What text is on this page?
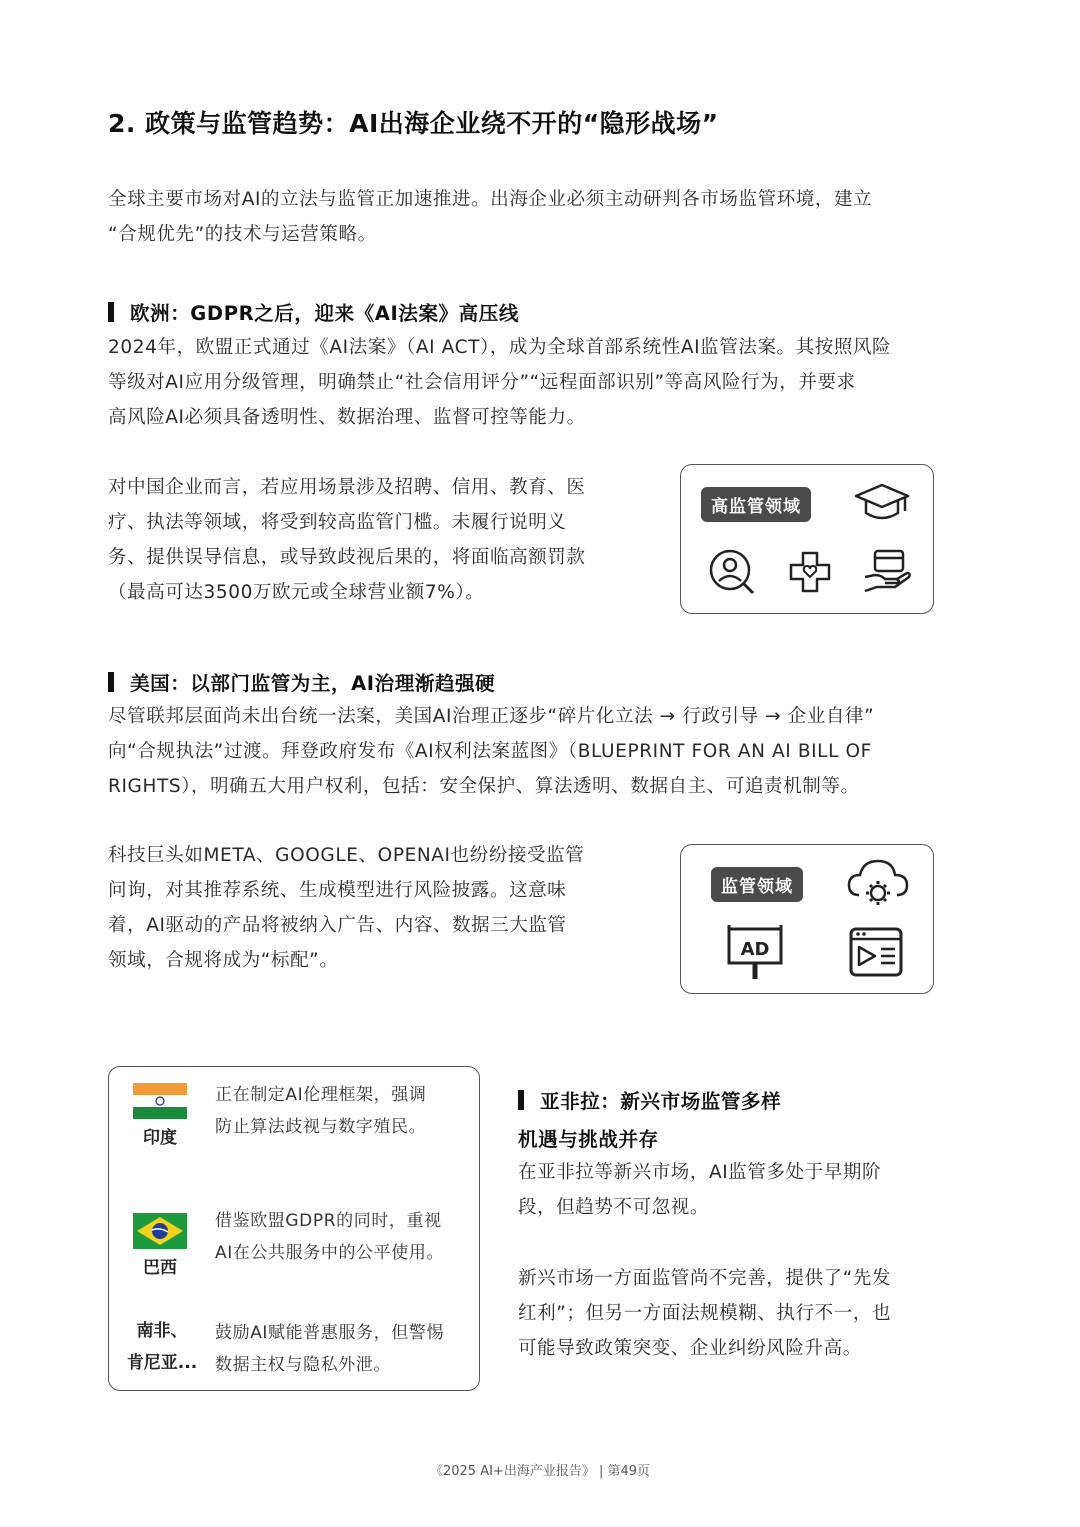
2. 政策与监管趋势：AI出海企业绕不开的“隐形战场”

全球主要市场对AI的立法与监管正加速推进。出海企业必须主动研判各市场监管环境，建立

“合规优先”的技术与运营策略。

欧洲：GDPR之后，迎来《AI法案》高压线

2024年，欧盟正式通过《AI法案》（AI ACT），成为全球首部系统性AI监管法案。其按照风险

等级对AI应用分级管理，明确禁止“社会信用评分”“远程面部识别”等高风险行为，并要求

高风险AI必须具备透明性、数据治理、监督可控等能力。

对中国企业而言，若应用场景涉及招聘、信用、教育、医

疗、执法等领域，将受到较高监管门槛。未履行说明义

务、提供误导信息，或导致歧视后果的，将面临高额罚款

（最高可达3500万欧元或全球营业额7%）。

高监管领域
美国：以部门监管为主，AI治理渐趋强硬

尽管联邦层面尚未出台统一法案，美国AI治理正逐步“碎片化立法 → 行政引导 → 企业自律”

向“合规执法”过渡。拜登政府发布《AI权利法案蓝图》（BLUEPRINT FOR AN AI BILL OF

RIGHTS），明确五大用户权利，包括：安全保护、算法透明、数据自主、可追责机制等。

科技巨头如META、GOOGLE、OPENAI也纷纷接受监管

问询，对其推荐系统、生成模型进行风险披露。这意味

着，AI驱动的产品将被纳入广告、内容、数据三大监管

领域，合规将成为“标配”。

监管领域
AD
印度
正在制定AI伦理框架，强调
防止算法歧视与数字殖民。
巴西
借鉴欧盟GDPR的同时，重视
AI在公共服务中的公平使用。
南非、
肯尼亚...
鼓励AI赋能普惠服务，但警惕
数据主权与隐私外泄。
亚非拉：新兴市场监管多样
机遇与挑战并存

在亚非拉等新兴市场，AI监管多处于早期阶

段，但趋势不可忽视。

新兴市场一方面监管尚不完善，提供了“先发

红利”；但另一方面法规模糊、执行不一，也

可能导致政策突变、企业纠纷风险升高。

《2025 AI+出海产业报告》 | 第49页
